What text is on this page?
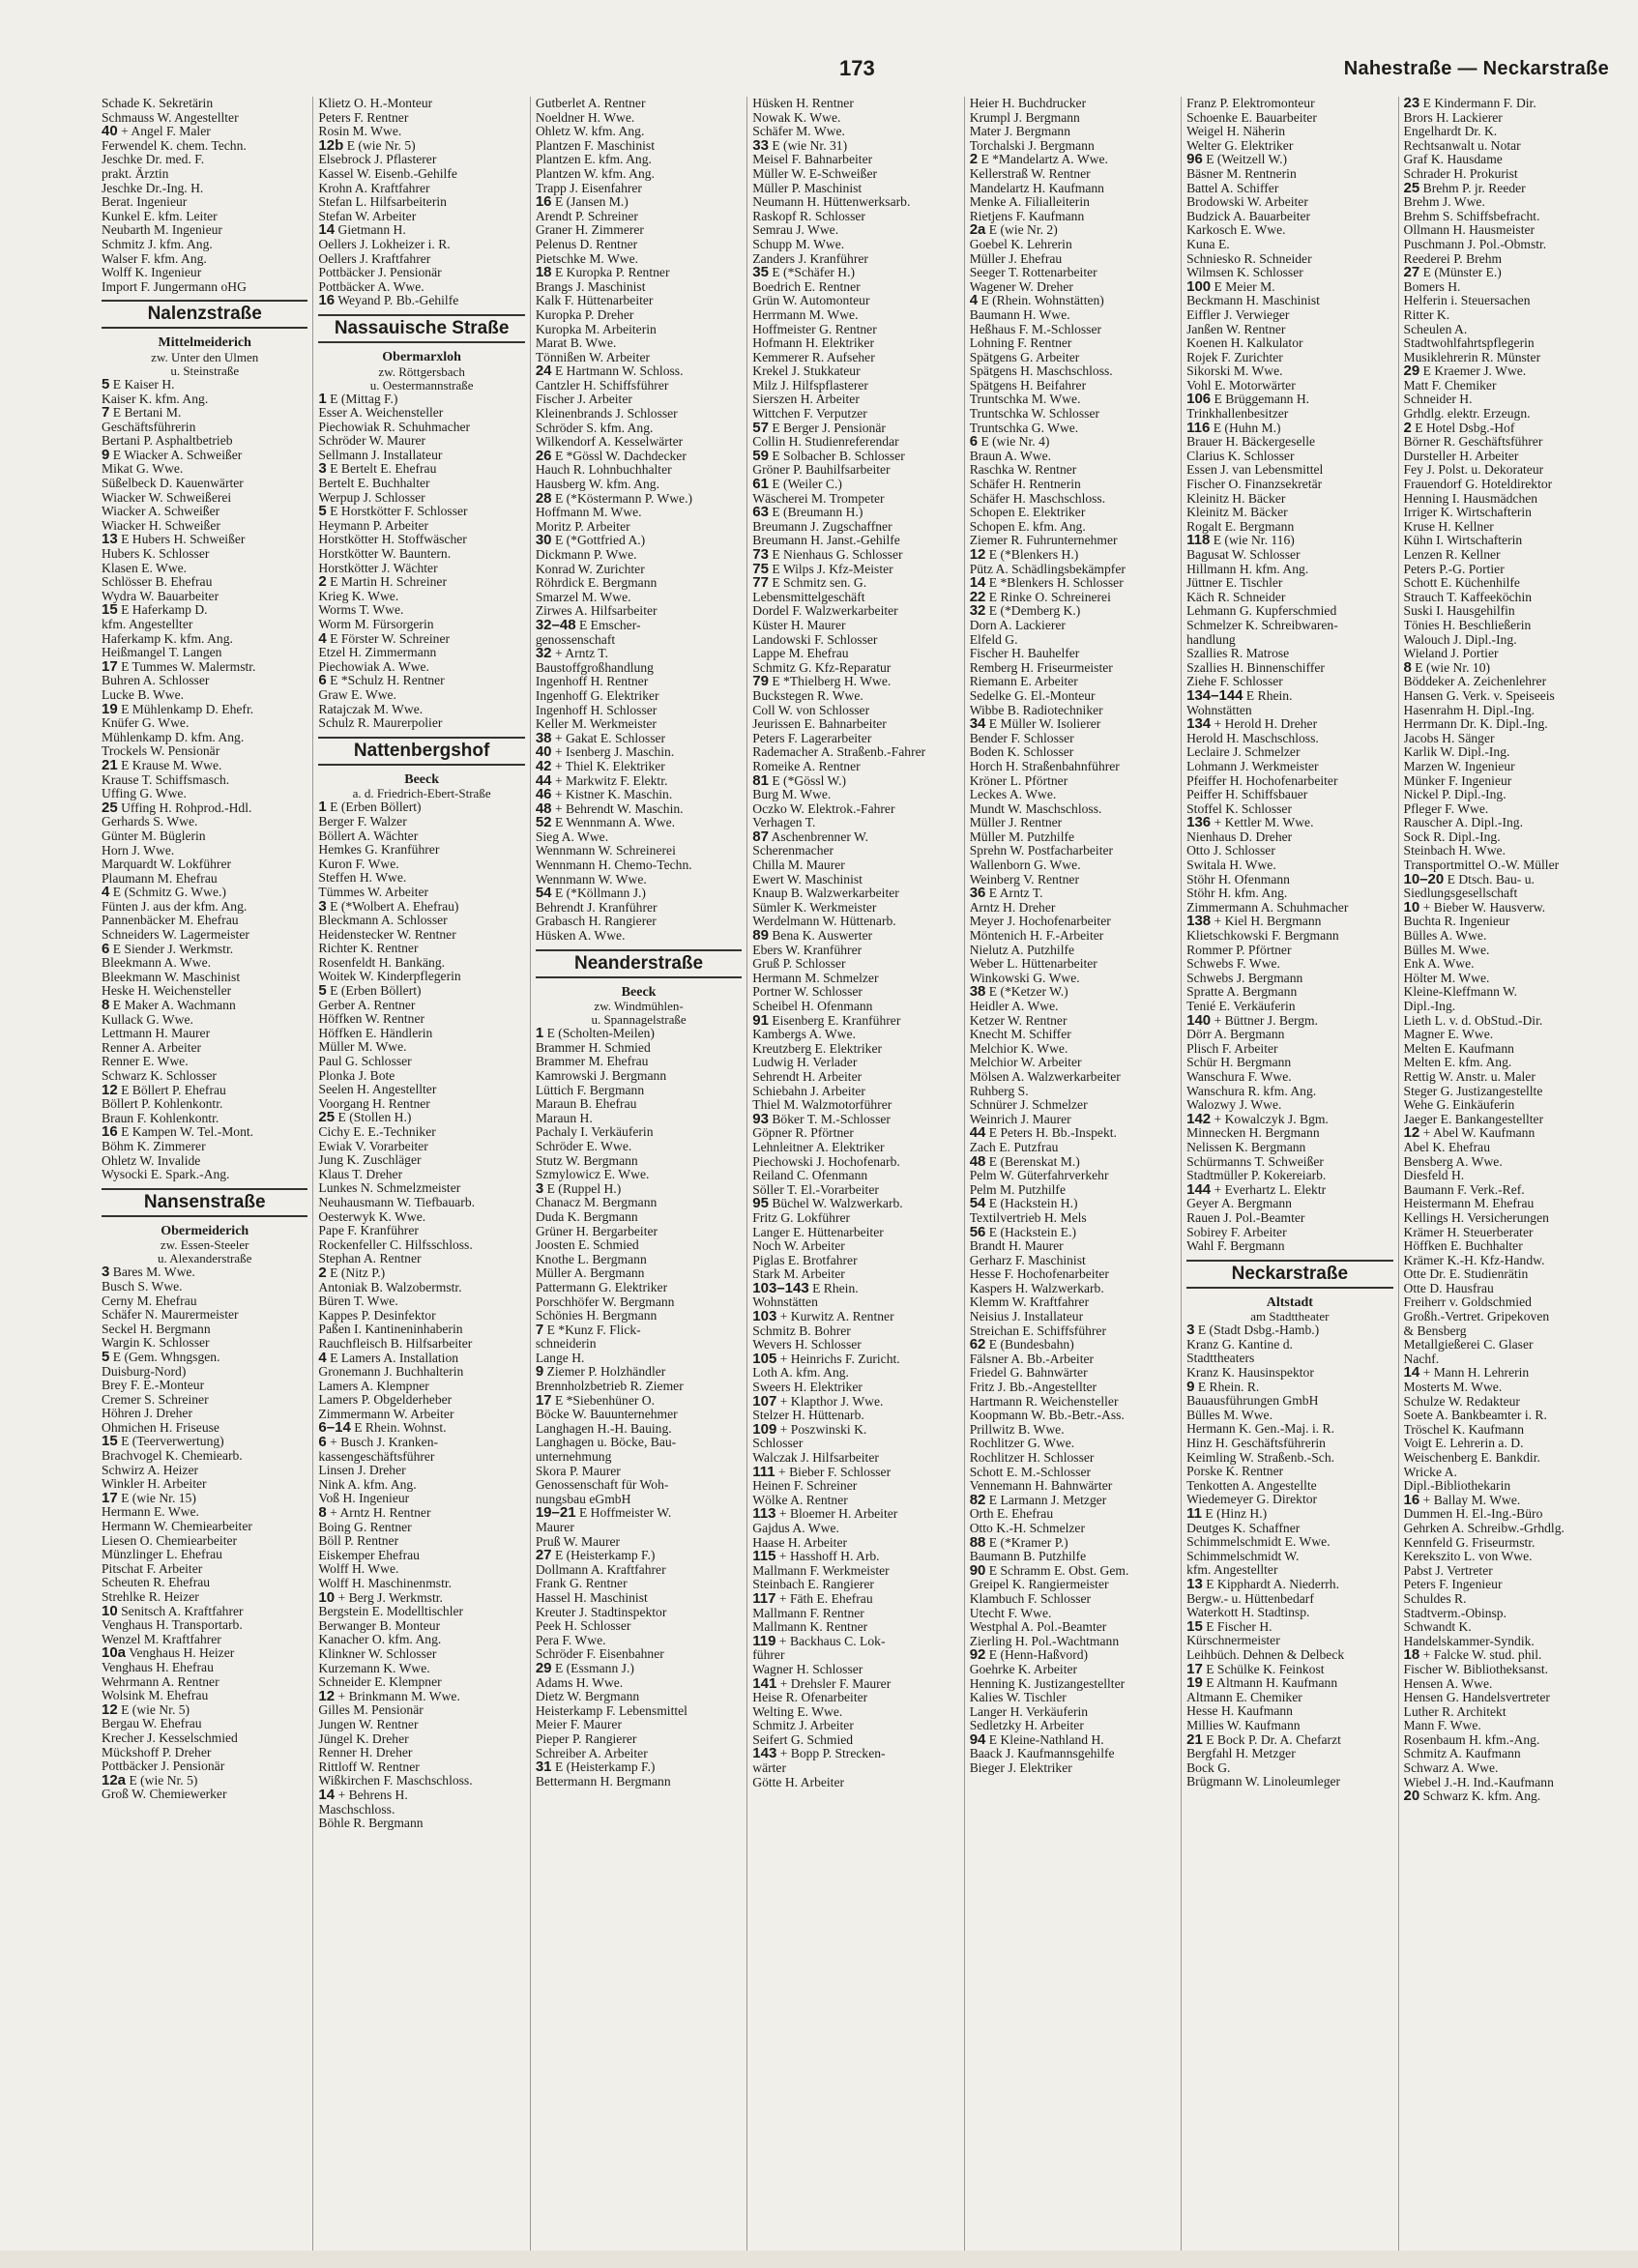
173	Nahestraße — Neckarstraße
Schade K. Sekretärin
Schmauss W. Angestellter
40 + Angel F. Maler
Ferwendel K. chem. Techn.
Jeschke Dr. med. F.
prakt. Ärztin
Jeschke Dr.-Ing. H.
Berat. Ingenieur
Kunkel E. kfm. Leiter
Neubarth M. Ingenieur
Schmitz J. kfm. Ang.
Walser F. kfm. Ang.
Wolff K. Ingenieur
Import F. Jungermann oHG
Nalenzstraße
Mittelmeiderich
zw. Unter den Ulmen
u. Steinstraße
5 E Kaiser H.
Kaiser K. kfm. Ang.
7 E Bertani M.
Geschäftsführerin
Bertani P. Asphaltbetrieb
9 E Wiacker A. Schweißer
Mikat G. Wwe.
Süßelbeck D. Kauenwärter
Wiacker W. Schweißerei
Wiacker A. Schweißer
Wiacker H. Schweißer
13 E Hubers H. Schweißer
Hubers K. Schlosser
Klasen E. Wwe.
Schlösser B. Ehefrau
Wydra W. Bauarbeiter
15 E Haferkamp D.
kfm. Angestellter
Haferkamp K. kfm. Ang.
Heißmangel T. Langen
17 E Tummes W. Malermstr.
Buhren A. Schlosser
Lucke B. Wwe.
19 E Mühlenkamp D. Ehefr.
Knüfer G. Wwe.
Mühlenkamp D. kfm. Ang.
Trockels W. Pensionär
21 E Krause M. Wwe.
Krause T. Schiffsmasch.
Uffing G. Wwe.
25 Uffing H. Rohprod.-Hdl.
Gerhards S. Wwe.
Günter M. Büglerin
Horn J. Wwe.
Marquardt W. Lokführer
Plaumann M. Ehefrau
4 E (Schmitz G. Wwe.)
Fünten J. aus der kfm. Ang.
Pannenbäcker M. Ehefrau
Schneiders W. Lagermeister
6 E Siender J. Werkmstr.
Bleekmann A. Wwe.
Bleekmann W. Maschinist
Heske H. Weichensteller
8 E Maker A. Wachmann
Kullack G. Wwe.
Lettmann H. Maurer
Renner A. Arbeiter
Renner E. Wwe.
Schwarz K. Schlosser
12 E Böllert P. Ehefrau
Böllert P. Kohlenkontr.
Braun F. Kohlenkontr.
16 E Kampen W. Tel.-Mont.
Böhm K. Zimmerer
Ohletz W. Invalide
Wysocki E. Spark.-Ang.
Nansenstraße
Obermeiderich
zw. Essen-Steeler
u. Alexanderstraße
3 Bares M. Wwe.
Busch S. Wwe.
Cerny M. Ehefrau
Schäfer N. Maurermeister
Seckel H. Bergmann
Wargin K. Schlosser
5 E (Gem. Whngsgen.
Duisburg-Nord)
Brey F. E.-Monteur
Cremer S. Schreiner
Höhren J. Dreher
Ohmichen H. Friseuse
15 E (Teerverwertung)
Brachvogel K. Chemiearb.
Schwirz A. Heizer
Winkler H. Arbeiter
17 E (wie Nr. 15)
Hermann E. Wwe.
Hermann W. Chemiearbeiter
Liesen O. Chemiearbeiter
Münzlinger L. Ehefrau
Pitschat F. Arbeiter
Scheuten R. Ehefrau
Strehlke R. Heizer
10 Senitsch A. Kraftfahrer
Venghaus H. Transportarb.
Wenzel M. Kraftfahrer
10a Venghaus H. Heizer
Venghaus H. Ehefrau
Wehrmann A. Rentner
Wolsink M. Ehefrau
12 E (wie Nr. 5)
Bergau W. Ehefrau
Krecher J. Kesselschmied
Mückshoff P. Dreher
Pottbäcker J. Pensionär
12a E (wie Nr. 5)
Groß W. Chemiewerker
Klietz O. H.-Monteur
Peters F. Rentner
Rosin M. Wwe.
12b E (wie Nr. 5)
Elsebrock J. Pflasterer
Kassel W. Eisenb.-Gehilfe
Krohn A. Kraftfahrer
Stefan L. Hilfsarbeiterin
Stefan W. Arbeiter
14 Gietmann H.
Oellers J. Lokheizer i. R.
Oellers J. Kraftfahrer
Pottbäcker J. Pensionär
Pottbäcker A. Wwe.
16 Weyand P. Bb.-Gehilfe
Nassauische Straße
Obermarxloh
zw. Röttgersbach
u. Oestermannstraße
1 E (Mittag F.)
Esser A. Weichensteller
Piechowiak R. Schuhmacher
Schröder W. Maurer
Sellmann J. Installateur
3 E Bertelt E. Ehefrau
Bertelt E. Buchhalter
Werpup J. Schlosser
5 E Horstkötter F. Schlosser
Heymann P. Arbeiter
Horstkötter H. Stoffwäscher
Horstkötter W. Bauntern.
Horstkötter J. Wächter
2 E Martin H. Schreiner
Krieg K. Wwe.
Worms T. Wwe.
Worm M. Fürsorgerin
4 E Förster W. Schreiner
Etzel H. Zimmermann
Piechowiak A. Wwe.
6 E *Schulz H. Rentner
Graw E. Wwe.
Ratajczak M. Wwe.
Schulz R. Maurerpolier
Nattenbergshof
Beeck
a. d. Friedrich-Ebert-Straße
1 E (Erben Böllert)
Berger F. Walzer
Böllert A. Wächter
Hemkes G. Kranführer
Kuron F. Wwe.
Steffen H. Wwe.
Tümmes W. Arbeiter
3 E (*Wolbert A. Ehefrau)
Bleckmann A. Schlosser
Heidenstecker W. Rentner
Richter K. Rentner
Rosenfeldt H. Bankäng.
Woitek W. Kinderpflegerin
5 E (Erben Böllert)
Gerber A. Rentner
Höffken W. Rentner
Höffken E. Händlerin
Müller M. Wwe.
Paul G. Schlosser
Plonka J. Bote
Seelen H. Angestellter
Voorgang H. Rentner
25 E (Stollen H.)
Cichy E. E.-Techniker
Ewiak V. Vorarbeiter
Jung K. Zuschläger
Klaus T. Dreher
Lunkes N. Schmelzmeister
Neuhausmann W. Tiefbauarb.
Oesterwyk K. Wwe.
Pape F. Kranführer
Rockenfeller C. Hilfsschloss.
Stephan A. Rentner
2 E (Nitz P.)
Antoniak B. Walzobermstr.
Büren T. Wwe.
Kappes P. Desinfektor
Paßen I. Kantineninhaberin
Rauchfleisch B. Hilfsarbeiter
4 E Lamers A. Installation
Gronemann J. Buchhalterin
Lamers A. Klempner
Lamers P. Obgelderheber
Zimmermann W. Arbeiter
6–14 E Rhein. Wohnst.
6 + Busch J. Kranken-
kassengeschäftsführer
Linsen J. Dreher
Nink A. kfm. Ang.
Voß H. Ingenieur
8 + Arntz H. Rentner
Boing G. Rentner
Böll P. Rentner
Eiskemper Ehefrau
Wolff H. Wwe.
Wolff H. Maschinenmstr.
10 + Berg J. Werkmstr.
Bergstein E. Modelltischler
Berwanger B. Monteur
Kanacher O. kfm. Ang.
Klinkner W. Schlosser
Kurzemann K. Wwe.
Schneider E. Klempner
12 + Brinkmann M. Wwe.
Gilles M. Pensionär
Jungen W. Rentner
Jüngel K. Dreher
Renner H. Dreher
Rittloff W. Rentner
Wißkirchen F. Maschschloss.
14 + Behrens H.
Maschschloss.
Böhle R. Bergmann
Gutberlet A. Rentner
Noeldner H. Wwe.
Ohletz W. kfm. Ang.
Plantzen F. Maschinist
Plantzen E. kfm. Ang.
Plantzen W. kfm. Ang.
Trapp J. Eisenfahrer
16 E (Jansen M.)
Arendt P. Schreiner
Graner H. Zimmerer
Pelenus D. Rentner
Pietschke M. Wwe.
18 E Kuropka P. Rentner
Brangs J. Maschinist
Kalk F. Hüttenarbeiter
Kuropka P. Dreher
Kuropka M. Arbeiterin
Marat B. Wwe.
Tönnißen W. Arbeiter
24 E Hartmann W. Schloss.
Cantzler H. Schiffsführer
Fischer J. Arbeiter
Kleinenbrands J. Schlosser
Schröder S. kfm. Ang.
Wilkendorf A. Kesselwärter
26 E *Gössl W. Dachdecker
Hauch R. Lohnbuchhalter
Hausberg W. kfm. Ang.
28 E (*Köstermann P. Wwe.)
Hoffmann M. Wwe.
Moritz P. Arbeiter
30 E (*Gottfried A.)
Dickmann P. Wwe.
Konrad W. Zurichter
Röhrdick E. Bergmann
Smarzel M. Wwe.
Zirwes A. Hilfsarbeiter
32–48 E Emscher-
genossenschaft
32 + Arntz T.
Baustoffgroßhandlung
Ingenhoff H. Rentner
Ingenhoff G. Elektriker
Ingenhoff H. Schlosser
Keller M. Werkmeister
38 + Gakat E. Schlosser
40 + Isenberg J. Maschin.
42 + Thiel K. Elektriker
44 + Markwitz F. Elektr.
46 + Kistner K. Maschin.
48 + Behrendt W. Maschin.
52 E Wennmann A. Wwe.
Sieg A. Wwe.
Wennmann W. Schreinerei
Wennmann H. Chemo-Techn.
Wennmann W. Wwe.
54 E (*Köllmann J.)
Behrendt J. Kranführer
Grabasch H. Rangierer
Hüsken A. Wwe.
Neanderstraße
Beeck
zw. Windmühlen-
u. Spannagelstraße
1 E (Scholten-Meilen)
Brammer H. Schmied
Brammer M. Ehefrau
Kamrowski J. Bergmann
Lüttich F. Bergmann
Maraun B. Ehefrau
Maraun H.
Pachaly I. Verkäuferin
Schröder E. Wwe.
Stutz W. Bergmann
Szmylowicz E. Wwe.
3 E (Ruppel H.)
Chanacz M. Bergmann
Duda K. Bergmann
Grüner H. Bergarbeiter
Joosten E. Schmied
Knothe L. Bergmann
Müller A. Bergmann
Pattermann G. Elektriker
Porschhöfer W. Bergmann
Schönies H. Bergmann
7 E *Kunz F. Flick-
schneiderin
Lange H.
9 Ziemer P. Holzhändler
Brennholzbetrieb R. Ziemer
17 E *Siebenhüner O.
Böcke W. Bauunternehmer
Langhagen H.-H. Bauing.
Langhagen u. Böcke, Bau-
unternehmung
Skora P. Maurer
Genossenschaft für Woh-
nungsbau eGmbH
19–21 E Hoffmeister W.
Maurer
Pruß W. Maurer
27 E (Heisterkamp F.)
Dollmann A. Kraftfahrer
Frank G. Rentner
Hassel H. Maschinist
Kreuter J. Stadtinspektor
Peek H. Schlosser
Pera F. Wwe.
Schröder F. Eisenbahner
29 E (Essmann J.)
Adams H. Wwe.
Dietz W. Bergmann
Heisterkamp F. Lebensmittel
Meier F. Maurer
Pieper P. Rangierer
Schreiber A. Arbeiter
31 E (Heisterkamp F.)
Bettermann H. Bergmann
Hüsken H. Rentner
Nowak K. Wwe.
Schäfer M. Wwe.
33 E (wie Nr. 31)
Meisel F. Bahnarbeiter
Müller W. E-Schweißer
Müller P. Maschinist
Neumann H. Hüttenwerksarb.
Raskopf R. Schlosser
Semrau J. Wwe.
Schupp M. Wwe.
Zanders J. Kranführer
35 E (*Schäfer H.)
Boedrich E. Rentner
Grün W. Automonteur
Herrmann M. Wwe.
Hoffmeister G. Rentner
Hofmann H. Elektriker
Kemmerer R. Aufseher
Krekel J. Stukkateur
Milz J. Hilfspflasterer
Sierszen H. Arbeiter
Wittchen F. Verputzer
57 E Berger J. Pensionär
Collin H. Studienreferendar
59 E Solbacher B. Schlosser
Gröner P. Bauhilfsarbeiter
61 E (Weiler C.)
Wäscherei M. Trompeter
63 E (Breumann H.)
Breumann J. Zugschaffner
Breumann H. Janst.-Gehilfe
73 E Nienhaus G. Schlosser
75 E Wilps J. Kfz-Meister
77 E Schmitz sen. G.
Lebensmittelgeschäft
Dordel F. Walzwerkarbeiter
Küster H. Maurer
Landowski F. Schlosser
Lappe M. Ehefrau
Schmitz G. Kfz-Reparatur
79 E *Thielberg H. Wwe.
Buckstegen R. Wwe.
Coll W. von Schlosser
Jeurissen E. Bahnarbeiter
Peters F. Lagerarbeiter
Rademacher A. Straßenb.-Fahrer
Romeike A. Rentner
81 E (*Gössl W.)
Burg M. Wwe.
Oczko W. Elektrok.-Fahrer
Verhagen T.
87 Aschenbrenner W.
Scherenmacher
Chilla M. Maurer
Ewert W. Maschinist
Knaup B. Walzwerkarbeiter
Sümler K. Werkmeister
Werdelmann W. Hüttenarb.
89 Bena K. Auswerter
Ebers W. Kranführer
Gruß P. Schlosser
Hermann M. Schmelzer
Portner W. Schlosser
Scheibel H. Ofenmann
91 Eisenberg E. Kranführer
Kambergs A. Wwe.
Kreutzberg E. Elektriker
Ludwig H. Verlader
Sehrendt H. Arbeiter
Schiebahn J. Arbeiter
Thiel M. Walzmotorführer
93 Böker T. M.-Schlosser
Göpner R. Pförtner
Lehnleitner A. Elektriker
Piechowski J. Hochofenarb.
Reiland C. Ofenmann
Söller T. El.-Vorarbeiter
95 Büchel W. Walzwerkarb.
Fritz G. Lokführer
Langer E. Hüttenarbeiter
Noch W. Arbeiter
Piglas E. Brotfahrer
Stark M. Arbeiter
103–143 E Rhein.
Wohnstätten
103 + Kurwitz A. Rentner
Schmitz B. Bohrer
Wevers H. Schlosser
105 + Heinrichs F. Zuricht.
Loth A. kfm. Ang.
Sweers H. Elektriker
107 + Klapthor J. Wwe.
Stelzer H. Hüttenarb.
109 + Poszwinski K.
Schlosser
Walczak J. Hilfsarbeiter
111 + Bieber F. Schlosser
Heinen F. Schreiner
Wölke A. Rentner
113 + Bloemer H. Arbeiter
Gajdus A. Wwe.
Haase H. Arbeiter
115 + Hasshoff H. Arb.
Mallmann F. Werkmeister
Steinbach E. Rangierer
117 + Fäth E. Ehefrau
Mallmann F. Rentner
Mallmann K. Rentner
119 + Backhaus C. Lok-
führer
Wagner H. Schlosser
141 + Drehsler F. Maurer
Heise R. Ofenarbeiter
Welting E. Wwe.
Schmitz J. Arbeiter
Seifert G. Schmied
143 + Bopp P. Strecken-
wärter
Götte H. Arbeiter
Heier H. Buchdrucker
Krumpl J. Bergmann
Mater J. Bergmann
Torchalski J. Bergmann
2 E *Mandelartz A. Wwe.
Kellerstraß W. Rentner
Mandelartz H. Kaufmann
Menke A. Filialleiterin
Rietjens F. Kaufmann
2a E (wie Nr. 2)
Goebel K. Lehrerin
Müller J. Ehefrau
Seeger T. Rottenarbeiter
Wagener W. Dreher
4 E (Rhein. Wohnstätten)
Baumann H. Wwe.
Heßhaus F. M.-Schlosser
Lohning F. Rentner
Spätgens G. Arbeiter
Spätgens H. Maschschloss.
Spätgens H. Beifahrer
Truntschka M. Wwe.
Truntschka W. Schlosser
Truntschka G. Wwe.
6 E (wie Nr. 4)
Braun A. Wwe.
Raschka W. Rentner
Schäfer H. Rentnerin
Schäfer H. Maschschloss.
Schopen E. Elektriker
Schopen E. kfm. Ang.
Ziemer R. Fuhrunternehmer
12 E (*Blenkers H.)
Pütz A. Schädlingsbekämpfer
14 E *Blenkers H. Schlosser
22 E Rinke O. Schreinerei
32 E (*Demberg K.)
Dorn A. Lackierer
Elfeld G.
Fischer H. Bauhelfer
Remberg H. Friseurmeister
Riemann E. Arbeiter
Sedelke G. El.-Monteur
Wibbe B. Radiotechniker
34 E Müller W. Isolierer
Bender F. Schlosser
Boden K. Schlosser
Horch H. Straßenbahnführer
Kröner L. Pförtner
Leckes A. Wwe.
Mundt W. Maschschloss.
Müller J. Rentner
Müller M. Putzhilfe
Sprehn W. Postfacharbeiter
Wallenborn G. Wwe.
Weinberg V. Rentner
36 E Arntz T.
Arntz H. Dreher
Meyer J. Hochofenarbeiter
Möntenich H. F.-Arbeiter
Nielutz A. Putzhilfe
Weber L. Hüttenarbeiter
Winkowski G. Wwe.
38 E (*Ketzer W.)
Heidler A. Wwe.
Ketzer W. Rentner
Knecht M. Schiffer
Melchior K. Wwe.
Melchior W. Arbeiter
Mölsen A. Walzwerkarbeiter
Ruhberg S.
Schnürer J. Schmelzer
Weinrich J. Maurer
44 E Peters H. Bb.-Inspekt.
Zach E. Putzfrau
48 E (Berenskat M.)
Pelm W. Güterfahrverkehr
Pelm M. Putzhilfe
54 E (Hackstein H.)
Textilvertrieb H. Mels
56 E (Hackstein E.)
Brandt H. Maurer
Gerharz F. Maschinist
Hesse F. Hochofenarbeiter
Kaspers H. Walzwerkarb.
Klemm W. Kraftfahrer
Neisius J. Installateur
Streichan E. Schiffsführer
62 E (Bundesbahn)
Fälsner A. Bb.-Arbeiter
Friedel G. Bahnwärter
Fritz J. Bb.-Angestellter
Hartmann R. Weichensteller
Koopmann W. Bb.-Betr.-Ass.
Prillwitz B. Wwe.
Rochlitzer G. Wwe.
Rochlitzer H. Schlosser
Schott E. M.-Schlosser
Vennemann H. Bahnwärter
82 E Larmann J. Metzger
Orth E. Ehefrau
Otto K.-H. Schmelzer
88 E (*Kramer P.)
Baumann B. Putzhilfe
90 E Schramm E. Obst. Gem.
Greipel K. Rangiermeister
Klambuch F. Schlosser
Utecht F. Wwe.
Westphal A. Pol.-Beamter
Zierling H. Pol.-Wachtmann
92 E (Henn-Haßvord)
Goehrke K. Arbeiter
Henning K. Justizangestellter
Kalies W. Tischler
Langer H. Verkäuferin
Sedletzky H. Arbeiter
94 E Kleine-Nathland H.
Baack J. Kaufmannsgehilfe
Bieger J. Elektriker
Franz P. Elektromonteur
Schoenke E. Bauarbeiter
Weigel H. Näherin
Welter G. Elektriker
96 E (Weitzell W.)
Bäsner M. Rentnerin
Battel A. Schiffer
Brodowski W. Arbeiter
Budzick A. Bauarbeiter
Karkosch E. Wwe.
Kuna E.
Schniesko R. Schneider
Wilmsen K. Schlosser
100 E Meier M.
Beckmann H. Maschinist
Eiffler J. Verwieger
Janßen W. Rentner
Koenen H. Kalkulator
Rojek F. Zurichter
Sikorski M. Wwe.
Vohl E. Motorwärter
106 E Brüggemann H.
Trinkhallenbesitzer
116 E (Huhn M.)
Brauer H. Bäckergeselle
Clarius K. Schlosser
Essen J. van Lebensmittel
Fischer O. Finanzsekretär
Kleinitz H. Bäcker
Kleinitz M. Bäcker
Rogalt E. Bergmann
118 E (wie Nr. 116)
Bagusat W. Schlosser
Hillmann H. kfm. Ang.
Jüttner E. Tischler
Käch R. Schneider
Lehmann G. Kupferschmied
Schmelzer K. Schreibwaren-
handlung
Szallies R. Matrose
Szallies H. Binnenschiffer
Ziehe F. Schlosser
134–144 E Rhein.
Wohnstätten
134 + Herold H. Dreher
Herold H. Maschschloss.
Leclaire J. Schmelzer
Lohmann J. Werkmeister
Pfeiffer H. Hochofenarbeiter
Peiffer H. Schiffsbauer
Stoffel K. Schlosser
136 + Kettler M. Wwe.
Nienhaus D. Dreher
Otto J. Schlosser
Switala H. Wwe.
Stöhr H. Ofenmann
Stöhr H. kfm. Ang.
Zimmermann A. Schuhmacher
138 + Kiel H. Bergmann
Klietschkowski F. Bergmann
Rommer P. Pförtner
Schwebs F. Wwe.
Schwebs J. Bergmann
Spratte A. Bergmann
Tenié E. Verkäuferin
140 + Büttner J. Bergm.
Dörr A. Bergmann
Plisch F. Arbeiter
Schür H. Bergmann
Wanschura F. Wwe.
Wanschura R. kfm. Ang.
Walozwy J. Wwe.
142 + Kowalczyk J. Bgm.
Minnecken H. Bergmann
Nelissen K. Bergmann
Schürmanns T. Schweißer
Stadtmüller P. Kokereiarb.
144 + Everhartz L. Elektr
Geyer A. Bergmann
Rauen J. Pol.-Beamter
Sobirey F. Arbeiter
Wahl F. Bergmann
Neckarstraße
Altstadt
am Stadttheater
3 E (Stadt Dsbg.-Hamb.)
Kranz G. Kantine d.
Stadttheaters
Kranz K. Hausinspektor
9 E Rhein. R.
Bauausführungen GmbH
Bülles M. Wwe.
Hermann K. Gen.-Maj. i. R.
Hinz H. Geschäftsführerin
Keimling W. Straßenb.-Sch.
Porske K. Rentner
Tenkotten A. Angestellte
Wiedemeyer G. Direktor
11 E (Hinz H.)
Deutges K. Schaffner
Schimmelschmidt E. Wwe.
Schimmelschmidt W.
kfm. Angestellter
13 E Kipphardt A. Niederrh.
Bergw.- u. Hüttenbedarf
Waterkott H. Stadtinsp.
15 E Fischer H.
Kürschnermeister
Leihbüch. Dehnen & Delbeck
17 E Schülke K. Feinkost
19 E Altmann H. Kaufmann
Altmann E. Chemiker
Hesse H. Kaufmann
Millies W. Kaufmann
21 E Bock P. Dr. A. Chefarzt
Bergfahl H. Metzger
Bock G.
Brügmann W. Linoleumleger
23 E Kindermann F. Dir.
Brors H. Lackierer
Engelhardt Dr. K.
Rechtsanwalt u. Notar
Graf K. Hausdame
Schrader H. Prokurist
25 Brehm P. jr. Reeder
Brehm J. Wwe.
Brehm S. Schiffsbefracht.
Ollmann H. Hausmeister
Puschmann J. Pol.-Obmstr.
Reederei P. Brehm
27 E (Münster E.)
Bomers H.
Helferin i. Steuersachen
Ritter K.
Scheulen A.
Stadtwohlfahrtspflegerin
Musiklehrerin R. Münster
29 E Kraemer J. Wwe.
Matt F. Chemiker
Schneider H.
Grhdlg. elektr. Erzeugn.
2 E Hotel Dsbg.-Hof
Börner R. Geschäftsführer
Dursteller H. Arbeiter
Fey J. Polst. u. Dekorateur
Frauendorf G. Hoteldirektor
Henning I. Hausmädchen
Irriger K. Wirtschafterin
Kruse H. Kellner
Kühn I. Wirtschafterin
Lenzen R. Kellner
Peters P.-G. Portier
Schott E. Küchenhilfe
Strauch T. Kaffeeköchin
Suski I. Hausgehilfin
Tönies H. Beschließerin
Walouch J. Dipl.-Ing.
Wieland J. Portier
8 E (wie Nr. 10)
Böddeker A. Zeichenlehrer
Hansen G. Verk. v. Speiseeis
Hasenrahm H. Dipl.-Ing.
Herrmann Dr. K. Dipl.-Ing.
Jacobs H. Sänger
Karlik W. Dipl.-Ing.
Marzen W. Ingenieur
Münker F. Ingenieur
Nickel P. Dipl.-Ing.
Pfleger F. Wwe.
Rauscher A. Dipl.-Ing.
Sock R. Dipl.-Ing.
Steinbach H. Wwe.
Transportmittel O.-W. Müller
10–20 E Dtsch. Bau- u.
Siedlungsgesellschaft
10 + Bieber W. Hausverw.
Buchta R. Ingenieur
Bülles A. Wwe.
Bülles M. Wwe.
Enk A. Wwe.
Hölter M. Wwe.
Kleine-Kleffmann W.
Dipl.-Ing.
Lieth L. v. d. ObStud.-Dir.
Magner E. Wwe.
Melten E. Kaufmann
Melten E. kfm. Ang.
Rettig W. Anstr. u. Maler
Steger G. Justizangestellte
Wehe G. Einkäuferin
Jaeger E. Bankangestellter
12 + Abel W. Kaufmann
Abel K. Ehefrau
Bensberg A. Wwe.
Diesfeld H.
Baumann F. Verk.-Ref.
Heistermann M. Ehefrau
Kellings H. Versicherungen
Krämer H. Steuerberater
Höffken E. Buchhalter
Krämer K.-H. Kfz-Handw.
Otte Dr. E. Studienrätin
Otte D. Hausfrau
Freiherr v. Goldschmied
Großh.-Vertret. Gripekoven
& Bensberg
Metallgießerei C. Glaser
Nachf.
14 + Mann H. Lehrerin
Mosterts M. Wwe.
Schulze W. Redakteur
Soete A. Bankbeamter i. R.
Tröschel K. Kaufmann
Voigt E. Lehrerin a. D.
Weischenberg E. Bankdir.
Wricke A.
Dipl.-Bibliothekarin
16 + Ballay M. Wwe.
Dummen H. El.-Ing.-Büro
Gehrken A. Schreibw.-Grhdlg.
Kennfeld G. Friseurmstr.
Kerekszito L. von Wwe.
Pabst J. Vertreter
Peters F. Ingenieur
Schuldes R.
Stadtverm.-Obinsp.
Schwandt K.
Handelskammer-Syndik.
18 + Falcke W. stud. phil.
Fischer W. Bibliotheksanst.
Hensen A. Wwe.
Hensen G. Handelsvertreter
Luther R. Architekt
Mann F. Wwe.
Rosenbaum H. kfm.-Ang.
Schmitz A. Kaufmann
Schwarz A. Wwe.
Wiebel J.-H. Ind.-Kaufmann
20 Schwarz K. kfm. Ang.
